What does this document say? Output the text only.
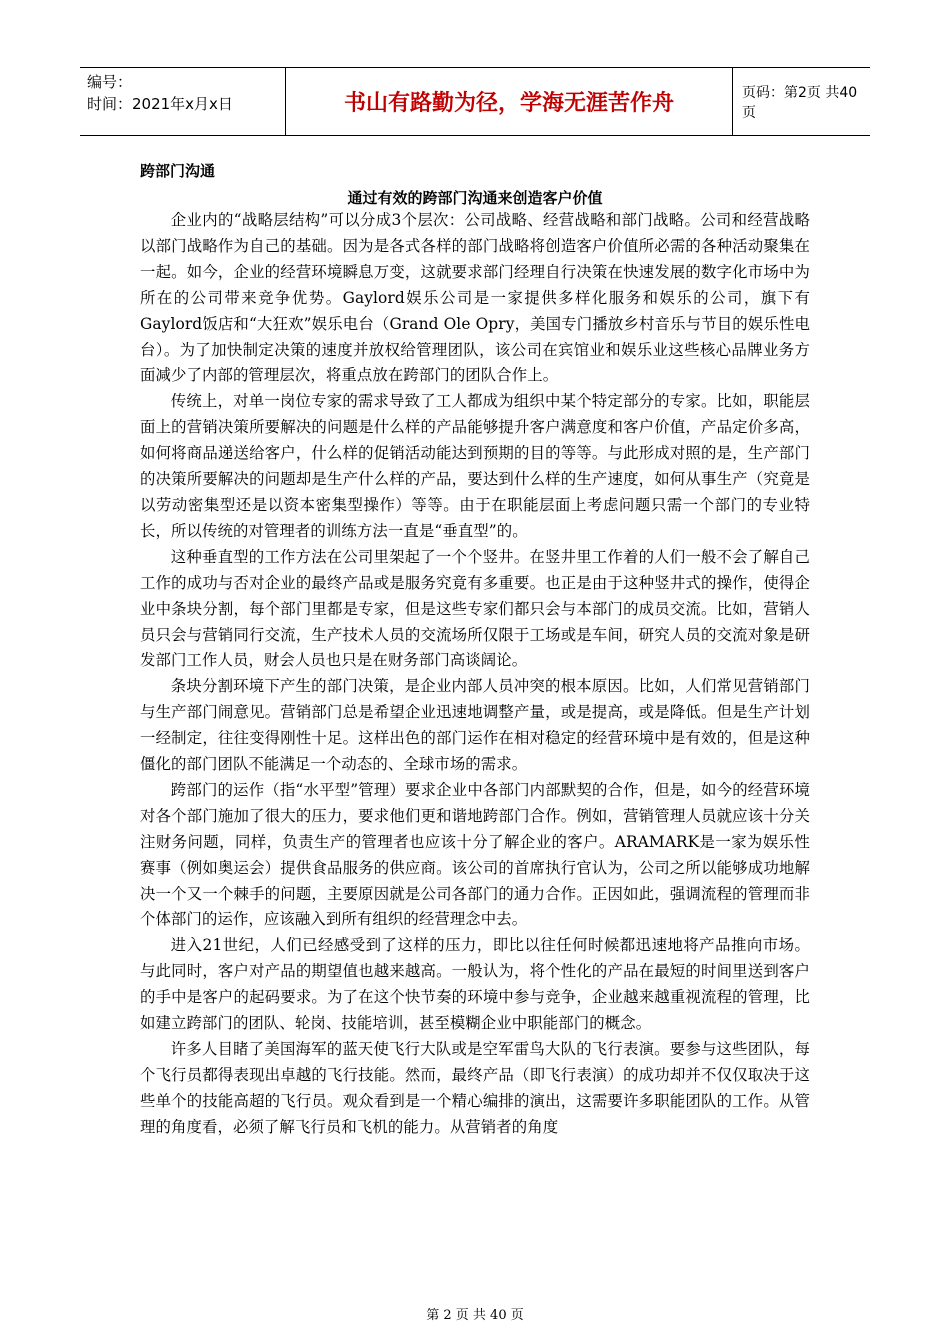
编号：
时间：2021年x月x日	书山有路勤为径，学海无涯苦作舟	页码：第2页 共40页
跨部门沟通
通过有效的跨部门沟通来创造客户价值

企业内的“战略层结构”可以分成3个层次：公司战略、经营战略和部门战略。公司和经营战略以部门战略作为自己的基础。因为是各式各样的部门战略将创造客户价值所必需的各种活动聚集在一起。如今，企业的经营环境瞬息万变，这就要求部门经理自行决策在快速发展的数字化市场中为所在的公司带来竞争优势。Gaylord娱乐公司是一家提供多样化服务和娱乐的公司，旗下有Gaylord饭店和“大狂欢”娱乐电台（Grand Ole Opry，美国专门播放乡村音乐与节目的娱乐性电台）。为了加快制定决策的速度并放权给管理团队，该公司在宾馆业和娱乐业这些核心品牌业务方面减少了内部的管理层次，将重点放在跨部门的团队合作上。

传统上，对单一岗位专家的需求导致了工人都成为组织中某个特定部分的专家。比如，职能层面上的营销决策所要解决的问题是什么样的产品能够提升客户满意度和客户价值，产品定价多高，如何将商品递送给客户，什么样的促销活动能达到预期的目的等等。与此形成对照的是，生产部门的决策所要解决的问题却是生产什么样的产品，要达到什么样的生产速度，如何从事生产（究竟是以劳动密集型还是以资本密集型操作）等等。由于在职能层面上考虑问题只需一个部门的专业特长，所以传统的对管理者的训练方法一直是“垂直型”的。

这种垂直型的工作方法在公司里架起了一个个竖井。在竖井里工作着的人们一般不会了解自己工作的成功与否对企业的最终产品或是服务究竟有多重要。也正是由于这种竖井式的操作，使得企业中条块分割，每个部门里都是专家，但是这些专家们都只会与本部门的成员交流。比如，营销人员只会与营销同行交流，生产技术人员的交流场所仅限于工场或是车间，研究人员的交流对象是研发部门工作人员，财会人员也只是在财务部门高谈阔论。

条块分割环境下产生的部门决策，是企业内部人员冲突的根本原因。比如，人们常见营销部门与生产部门闹意见。营销部门总是希望企业迅速地调整产量，或是提高，或是降低。但是生产计划一经制定，往往变得刚性十足。这样出色的部门运作在相对稳定的经营环境中是有效的，但是这种僵化的部门团队不能满足一个动态的、全球市场的需求。

跨部门的运作（指“水平型”管理）要求企业中各部门内部默契的合作，但是，如今的经营环境对各个部门施加了很大的压力，要求他们更和谐地跨部门合作。例如，营销管理人员就应该十分关注财务问题，同样，负责生产的管理者也应该十分了解企业的客户。ARAMARK是一家为娱乐性赛事（例如奥运会）提供食品服务的供应商。该公司的首席执行官认为，公司之所以能够成功地解决一个又一个棘手的问题，主要原因就是公司各部门的通力合作。正因如此，强调流程的管理而非个体部门的运作，应该融入到所有组织的经营理念中去。

进入21世纪，人们已经感受到了这样的压力，即比以往任何时候都迅速地将产品推向市场。与此同时，客户对产品的期望值也越来越高。一般认为，将个性化的产品在最短的时间里送到客户的手中是客户的起码要求。为了在这个快节奏的环境中参与竞争，企业越来越重视流程的管理，比如建立跨部门的团队、轮岗、技能培训，甚至模糊企业中职能部门的概念。

许多人目睹了美国海军的蓝天使飞行大队或是空军雷鸟大队的飞行表演。要参与这些团队，每个飞行员都得表现出卓越的飞行技能。然而，最终产品（即飞行表演）的成功却并不仅仅取决于这些单个的技能高超的飞行员。观众看到是一个精心编排的演出，这需要许多职能团队的工作。从管理的角度看，必须了解飞行员和飞机的能力。从营销者的角度

第 2 页 共 40 页
